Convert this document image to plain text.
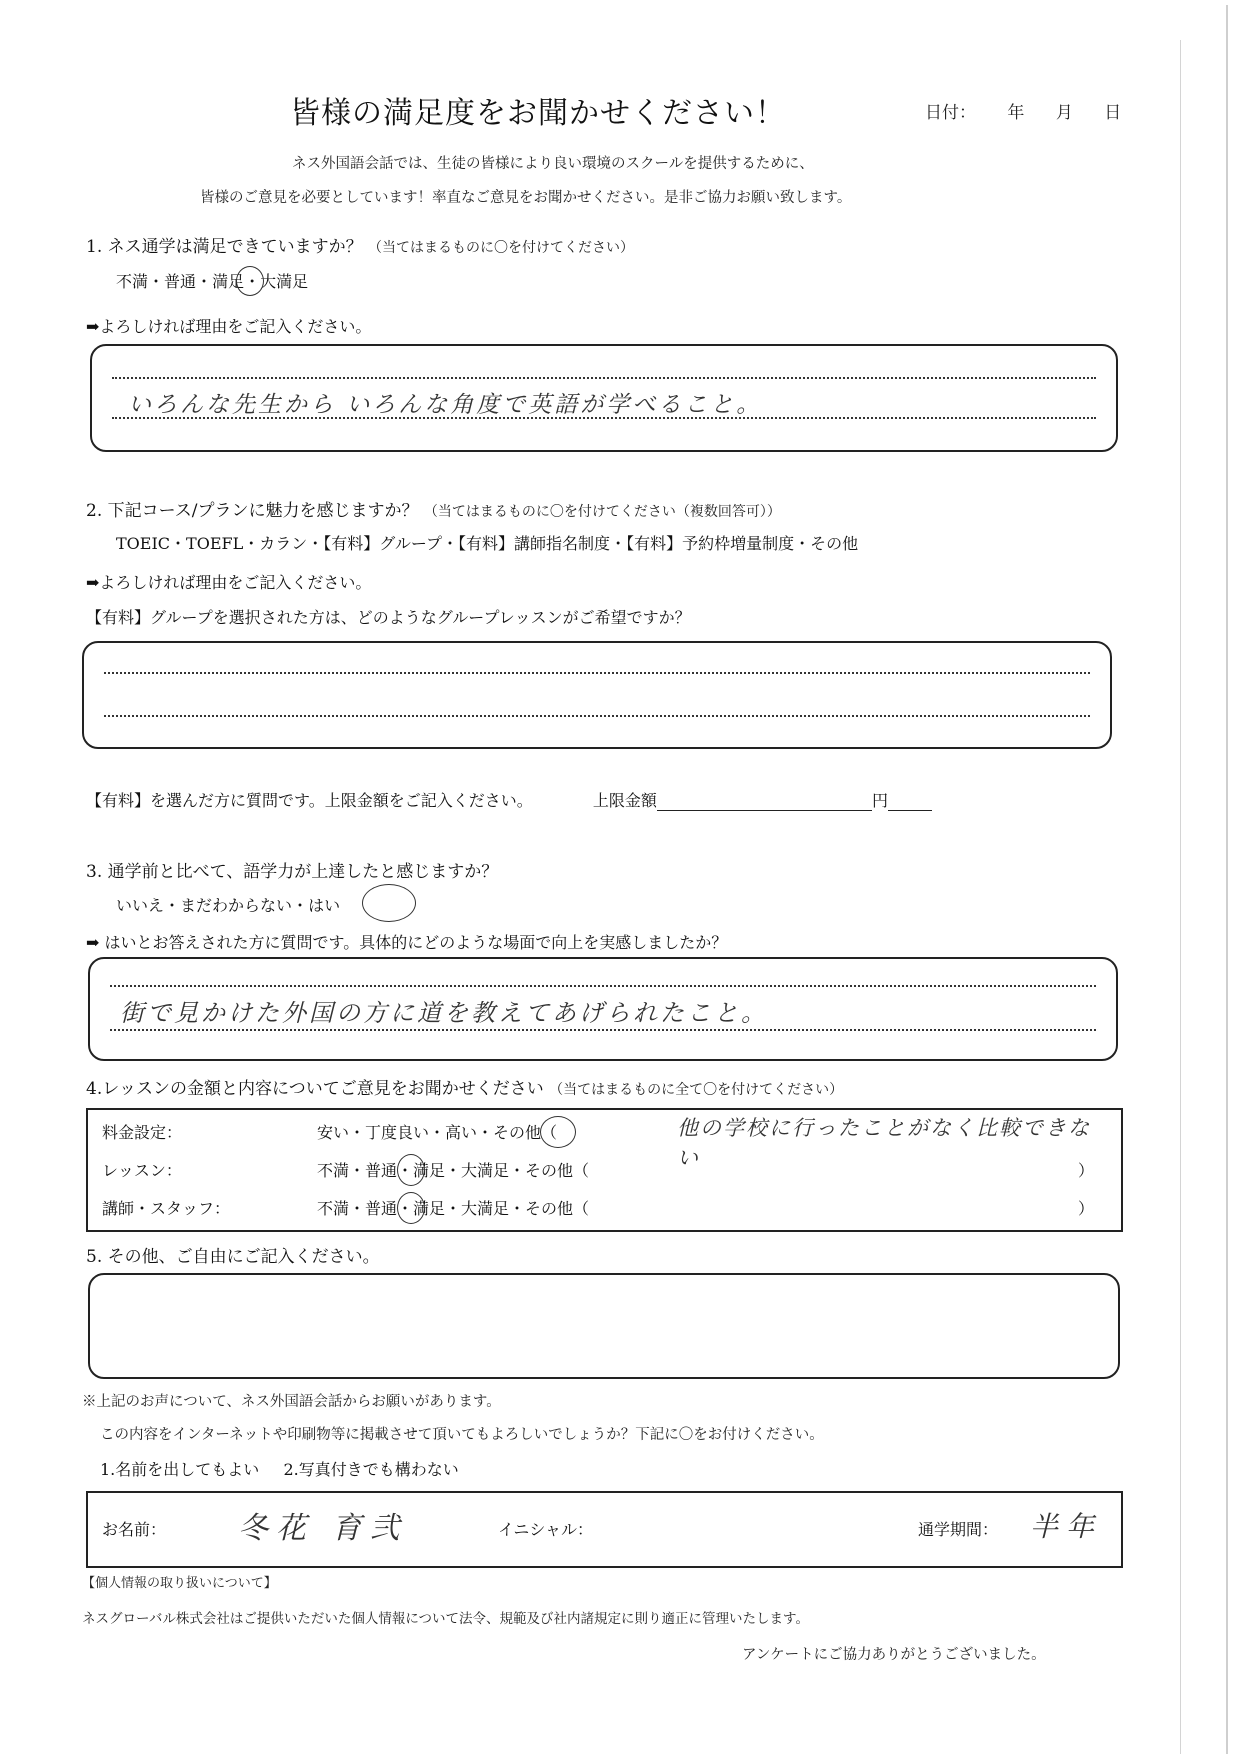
皆様の満足度をお聞かせください！	日付： 年 月 日
ネス外国語会話では、生徒の皆様により良い環境のスクールを提供するために、
皆様のご意見を必要としています！率直なご意見をお聞かせください。是非ご協力お願い致します。
1. ネス通学は満足できていますか？ （当てはまるものに〇を付けてください）
不満・普通・満足・大満足
➡よろしければ理由をご記入ください。
いろんな先生から いろんな角度で英語が学べること。
2. 下記コース/プランに魅力を感じますか？ （当てはまるものに〇を付けてください（複数回答可））
TOEIC・TOEFL・カラン・【有料】グループ・【有料】講師指名制度・【有料】予約枠増量制度・その他
➡よろしければ理由をご記入ください。
【有料】グループを選択された方は、どのようなグループレッスンがご希望ですか？
【有料】を選んだ方に質問です。上限金額をご記入ください。	上限金額	円
3. 通学前と比べて、語学力が上達したと感じますか？
いいえ・まだわからない・はい
➡ はいとお答えされた方に質問です。具体的にどのような場面で向上を実感しましたか？
街で見かけた外国の方に道を教えてあげられたこと。
4.レッスンの金額と内容についてご意見をお聞かせください （当てはまるものに全て〇を付けてください）
料金設定：	安い・丁度良い・高い・その他（	他の学校に行ったことがなく比較できない
レッスン：	不満・普通・満足・大満足・その他（	）
講師・スタッフ：	不満・普通・満足・大満足・その他（	）
5. その他、ご自由にご記入ください。
※上記のお声について、ネス外国語会話からお願いがあります。
この内容をインターネットや印刷物等に掲載させて頂いてもよろしいでしょうか？下記に〇をお付けください。
1.名前を出してもよい 2.写真付きでも構わない
お名前： 冬花 育弐	イニシャル：	通学期間： 半年
【個人情報の取り扱いについて】
ネスグローバル株式会社はご提供いただいた個人情報について法令、規範及び社内諸規定に則り適正に管理いたします。
アンケートにご協力ありがとうございました。
